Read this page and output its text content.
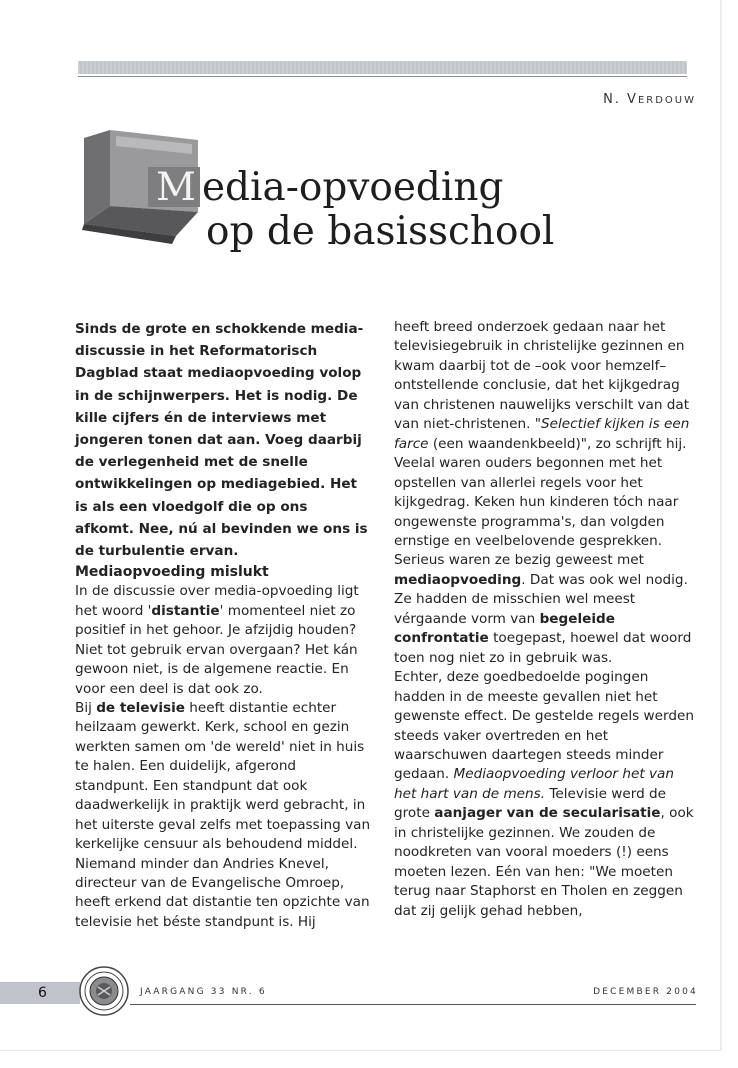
N. VERDOUW
M edia-opvoeding
op de basisschool

Sinds de grote en schokkende media-discussie in het Reformatorisch Dagblad staat mediaopvoeding volop in de schijnwerpers. Het is nodig. De kille cijfers én de interviews met jongeren tonen dat aan. Voeg daarbij de verlegenheid met de snelle ontwikkelingen op mediagebied. Het is als een vloedgolf die op ons afkomt. Nee, nú al bevinden we ons is de turbulentie ervan.

Mediaopvoeding mislukt

In de discussie over media-opvoeding ligt het woord 'distantie' momenteel niet zo positief in het gehoor. Je afzijdig houden? Niet tot gebruik ervan overgaan? Het kán gewoon niet, is de algemene reactie. En voor een deel is dat ook zo.

Bij de televisie heeft distantie echter heilzaam gewerkt. Kerk, school en gezin werkten samen om 'de wereld' niet in huis te halen. Een duidelijk, afgerond standpunt. Een standpunt dat ook daadwerkelijk in praktijk werd gebracht, in het uiterste geval zelfs met toepassing van kerkelijke censuur als behoudend middel. Niemand minder dan Andries Knevel, directeur van de Evangelische Omroep, heeft erkend dat distantie ten opzichte van televisie het béste standpunt is. Hij

heeft breed onderzoek gedaan naar het televisiegebruik in christelijke gezinnen en kwam daarbij tot de –ook voor hemzelf– ontstellende conclusie, dat het kijkgedrag van christenen nauwelijks verschilt van dat van niet-christenen. "Selectief kijken is een farce (een waandenkbeeld)", zo schrijft hij.

Veelal waren ouders begonnen met het opstellen van allerlei regels voor het kijkgedrag. Keken hun kinderen tóch naar ongewenste programma's, dan volgden ernstige en veelbelovende gesprekken. Serieus waren ze bezig geweest met mediaopvoeding. Dat was ook wel nodig. Ze hadden de misschien wel meest vérgaande vorm van begeleide confrontatie toegepast, hoewel dat woord toen nog niet zo in gebruik was.

Echter, deze goedbedoelde pogingen hadden in de meeste gevallen niet het gewenste effect. De gestelde regels werden steeds vaker overtreden en het waarschuwen daartegen steeds minder gedaan. Mediaopvoeding verloor het van het hart van de mens. Televisie werd de grote aanjager van de secularisatie, ook in christelijke gezinnen. We zouden de noodkreten van vooral moeders (!) eens moeten lezen. Eén van hen: "We moeten terug naar Staphorst en Tholen en zeggen dat zij gelijk gehad hebben,

6	JAARGANG 33 NR. 6	DECEMBER 2004
